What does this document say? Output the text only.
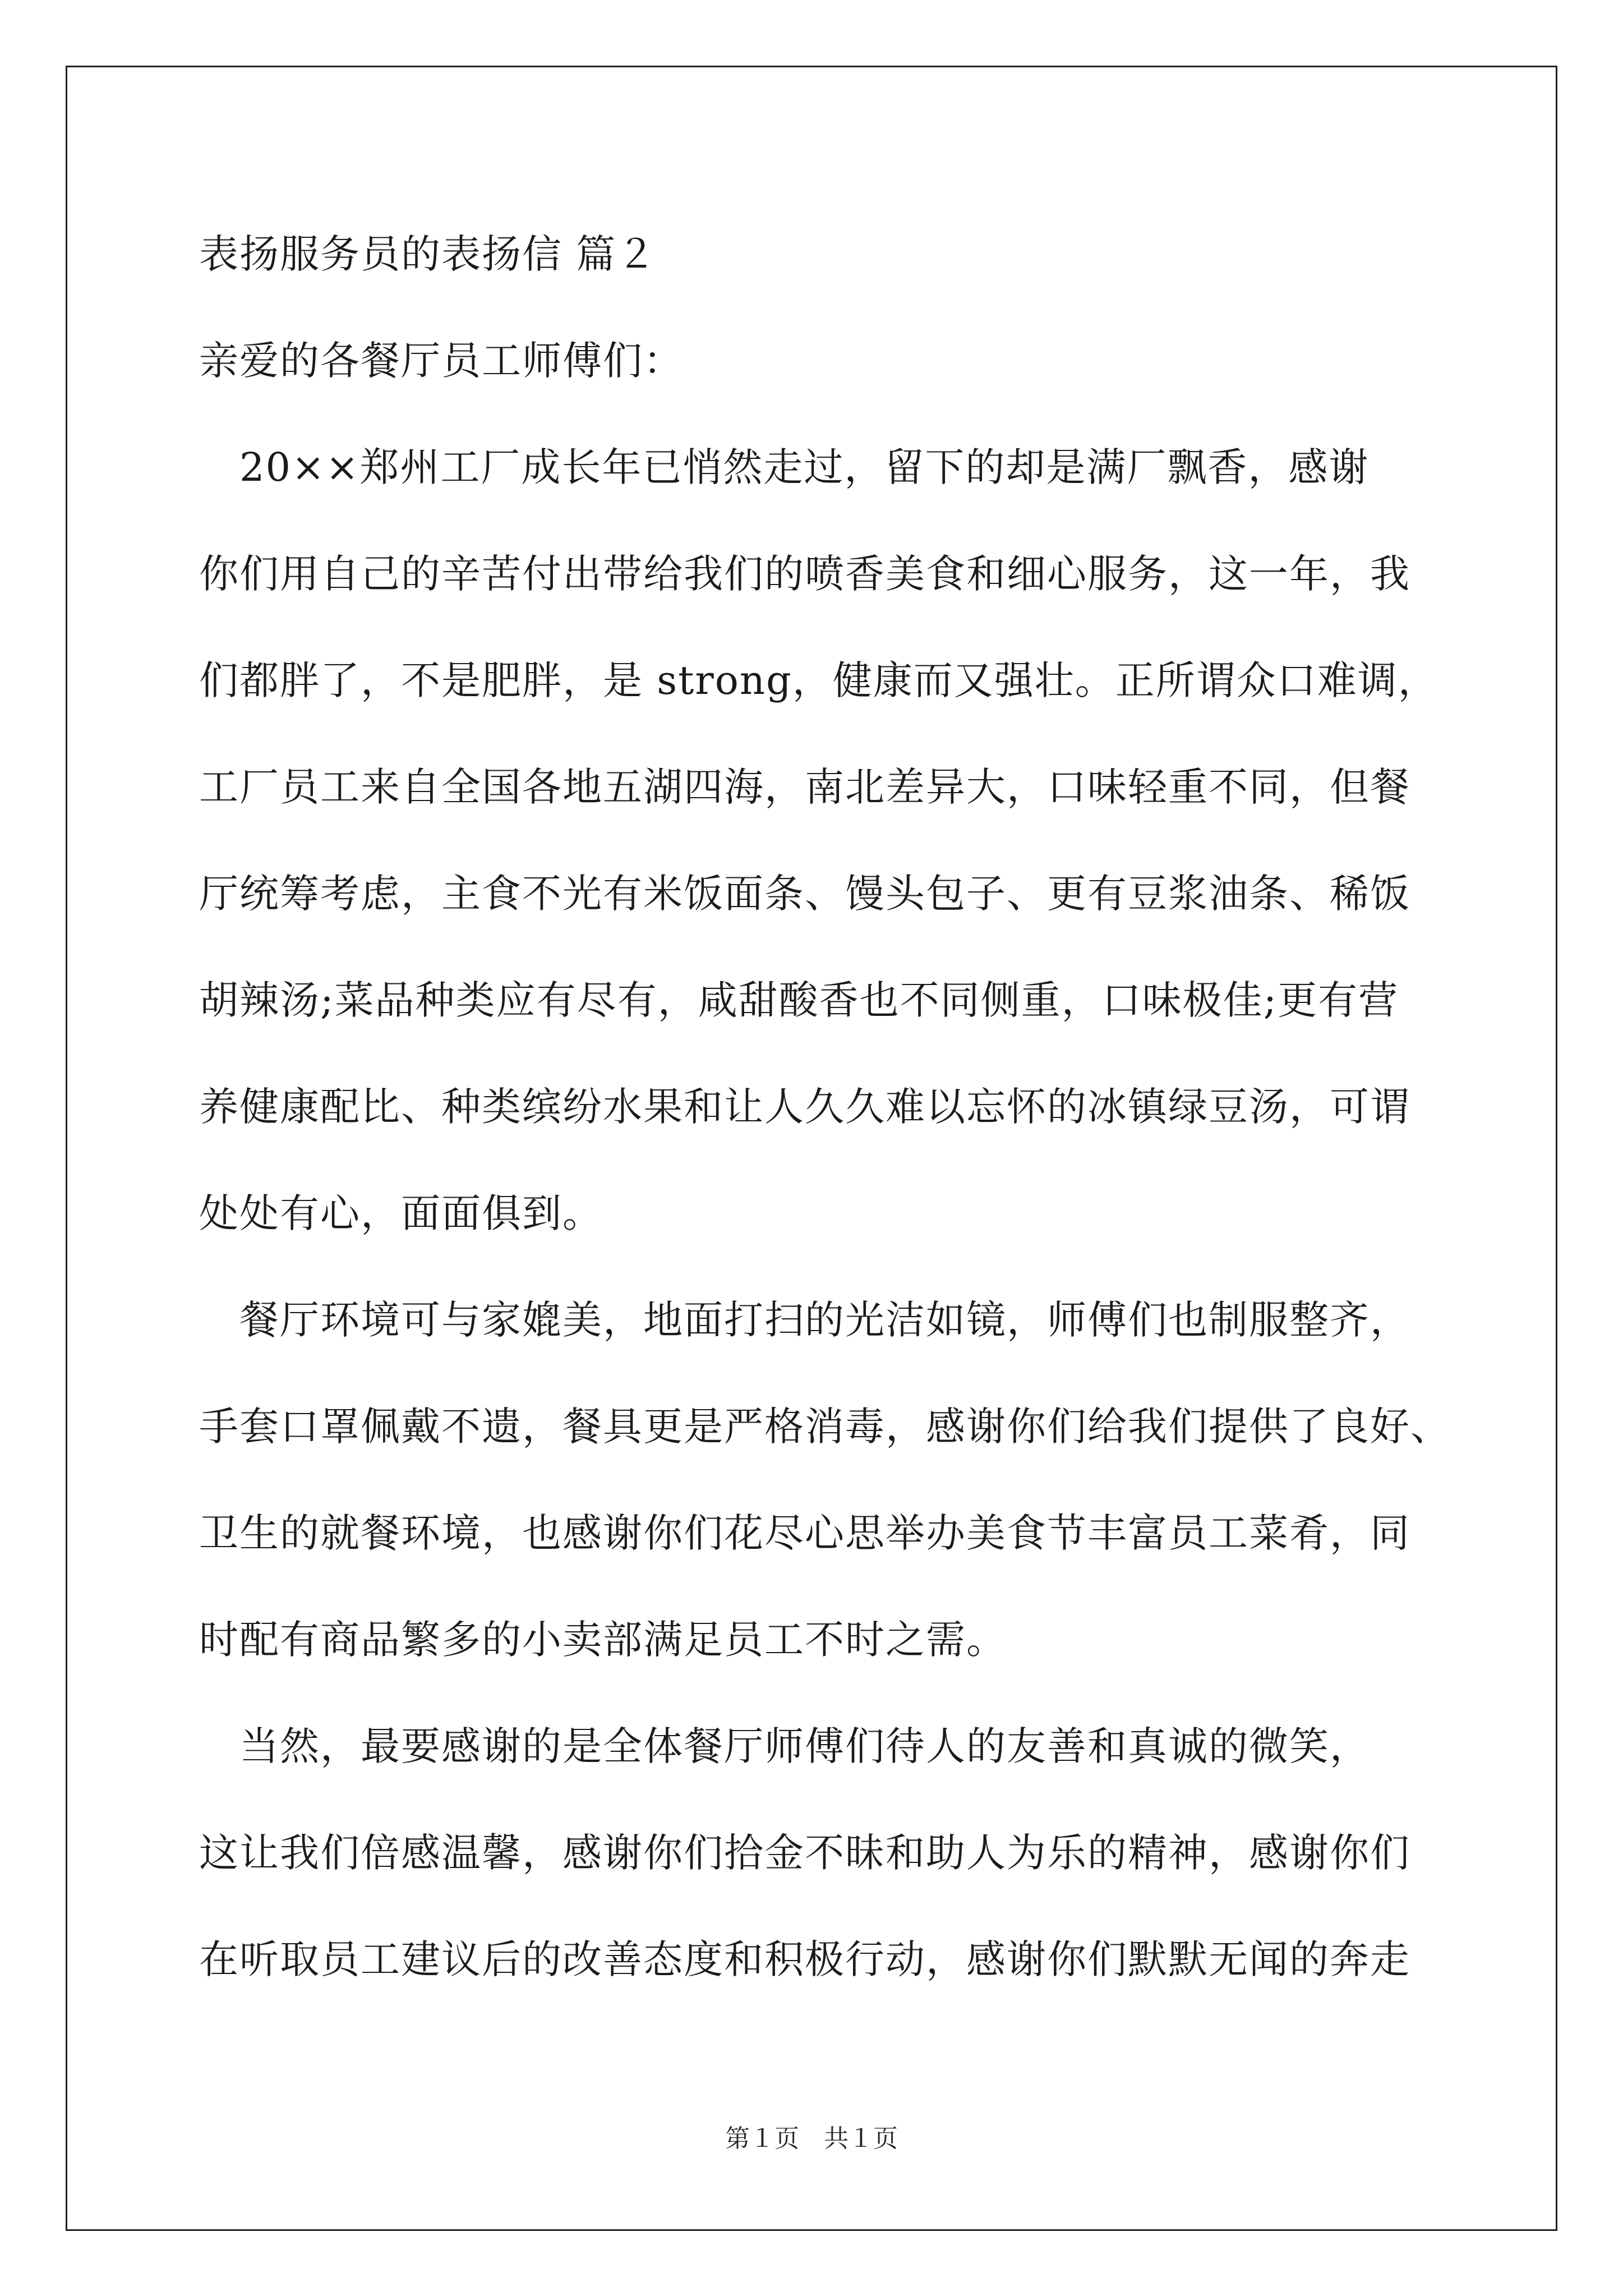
表扬服务员的表扬信 篇２
亲爱的各餐厅员工师傅们：
　20××郑州工厂成长年已悄然走过，留下的却是满厂飘香，感谢
你们用自己的辛苦付出带给我们的喷香美食和细心服务，这一年，我
们都胖了，不是肥胖，是 strong，健康而又强壮。正所谓众口难调，
工厂员工来自全国各地五湖四海，南北差异大，口味轻重不同，但餐
厅统筹考虑，主食不光有米饭面条、馒头包子、更有豆浆油条、稀饭
胡辣汤;菜品种类应有尽有，咸甜酸香也不同侧重，口味极佳;更有营
养健康配比、种类缤纷水果和让人久久难以忘怀的冰镇绿豆汤，可谓
处处有心，面面俱到。
　餐厅环境可与家媲美，地面打扫的光洁如镜，师傅们也制服整齐，
手套口罩佩戴不遗，餐具更是严格消毒，感谢你们给我们提供了良好、
卫生的就餐环境，也感谢你们花尽心思举办美食节丰富员工菜肴，同
时配有商品繁多的小卖部满足员工不时之需。
　当然，最要感谢的是全体餐厅师傅们待人的友善和真诚的微笑，
这让我们倍感温馨，感谢你们拾金不昧和助人为乐的精神，感谢你们
在听取员工建议后的改善态度和积极行动，感谢你们默默无闻的奔走
第１页　共１页
